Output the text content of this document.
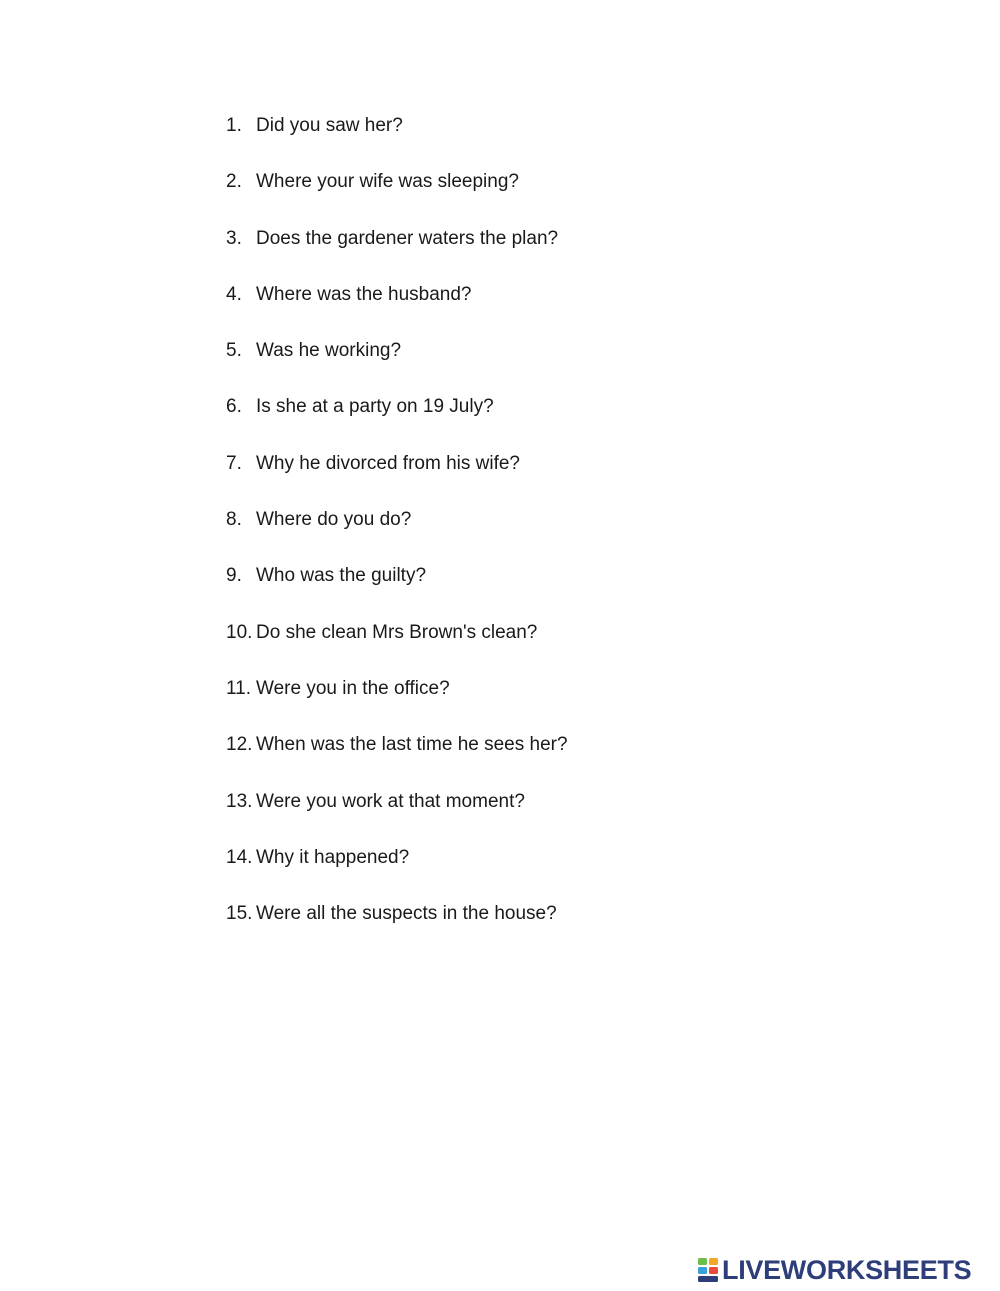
1. Did you saw her?
2. Where your wife was sleeping?
3. Does the gardener waters the plan?
4. Where was the husband?
5. Was he working?
6. Is she at a party on 19 July?
7. Why he divorced from his wife?
8. Where do you do?
9. Who was the guilty?
10. Do she clean Mrs Brown's clean?
11. Were you in the office?
12. When was the last time he sees her?
13. Were you work at that moment?
14. Why it happened?
15. Were all the suspects in the house?
LIVEWORKSHEETS
